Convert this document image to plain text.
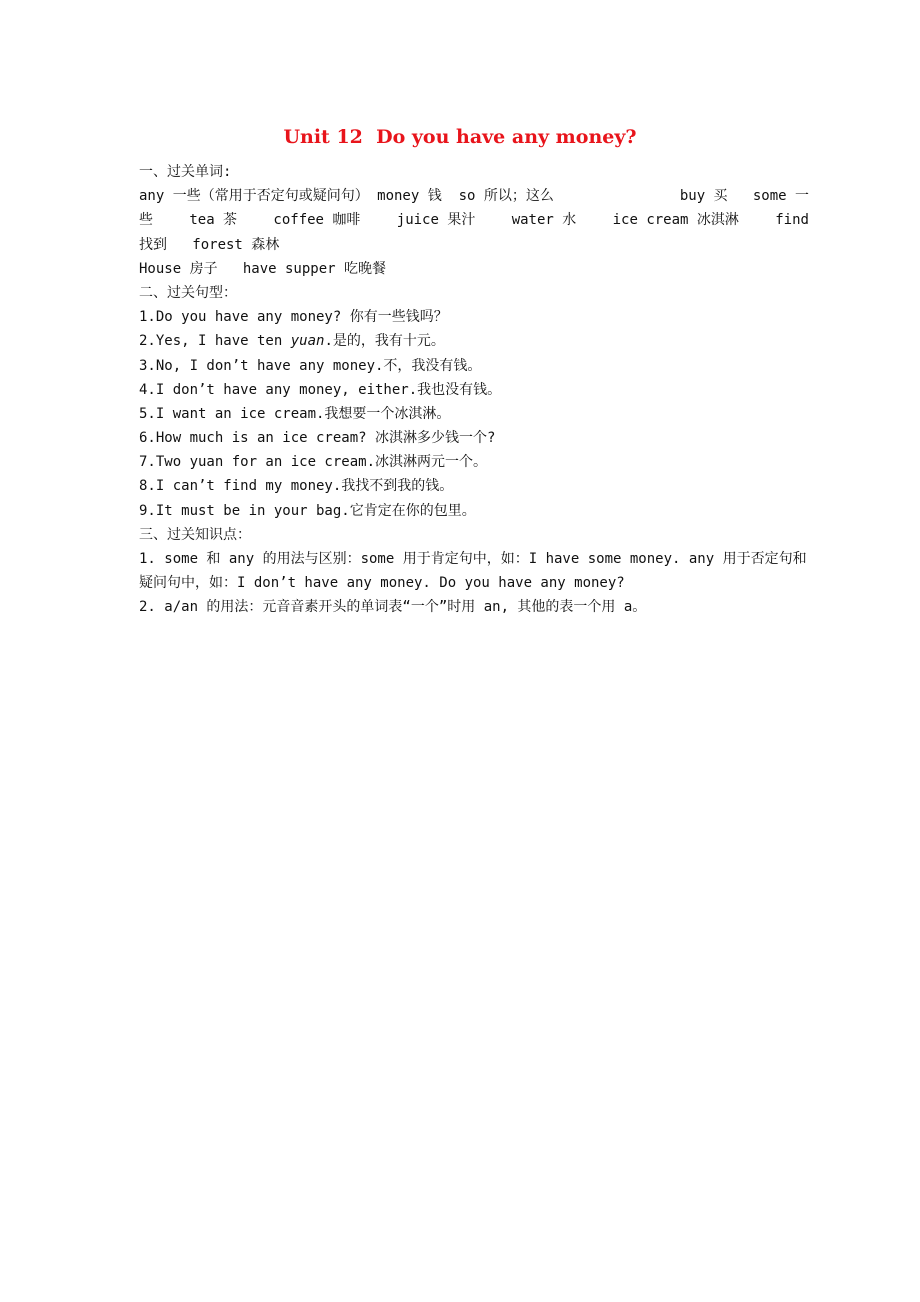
Unit 12  Do you have any money?
一、过关单词:
any 一些（常用于否定句或疑问句） money 钱  so 所以；这么	buy 买   some 一
些	tea 茶	coffee 咖啡	juice 果汁	water 水	ice cream 冰淇淋	find
找到   forest 森林
House 房子   have supper 吃晚餐
二、过关句型：
1.Do you have any money? 你有一些钱吗？
2.Yes, I have ten yuan.是的，我有十元。
3.No, I don’t have any money.不，我没有钱。
4.I don’t have any money, either.我也没有钱。
5.I want an ice cream.我想要一个冰淇淋。
6.How much is an ice cream? 冰淇淋多少钱一个?
7.Two yuan for an ice cream.冰淇淋两元一个。
8.I can’t find my money.我找不到我的钱。
9.It must be in your bag.它肯定在你的包里。
三、过关知识点：
1. some 和 any 的用法与区别：some 用于肯定句中，如：I have some money. any 用于否定句和疑问句中，如：I don’t have any money. Do you have any money?
2. a/an 的用法：元音音素开头的单词表“一个”时用 an, 其他的表一个用 a。
